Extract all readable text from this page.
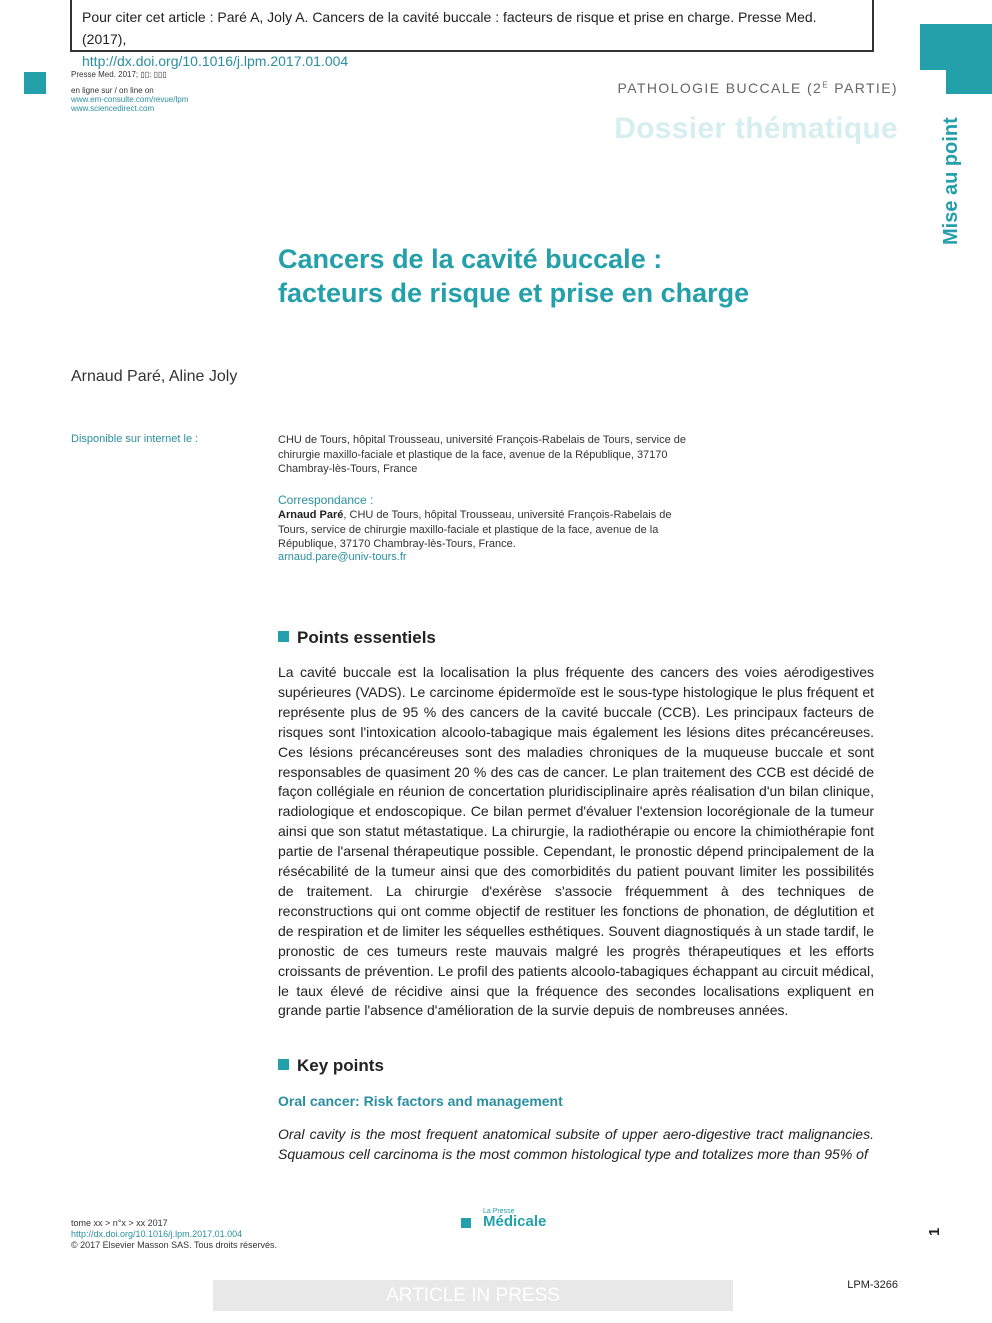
Pour citer cet article : Paré A, Joly A. Cancers de la cavité buccale : facteurs de risque et prise en charge. Presse Med. (2017),
http://dx.doi.org/10.1016/j.lpm.2017.01.004
Presse Med. 2017; ▯▯: ▯▯▯
en ligne sur / on line on
www.em-consulte.com/revue/lpm
www.sciencedirect.com
PATHOLOGIE BUCCALE ($2^E$ PARTIE)
Dossier thématique Mise au point
Cancers de la cavité buccale :
facteurs de risque et prise en charge
Arnaud Paré, Aline Joly
Disponible sur internet le :	CHU de Tours, hôpital Trousseau, université François-Rabelais de Tours, service de chirurgie maxillo-faciale et plastique de la face, avenue de la République, 37170 Chambray-lès-Tours, France
Correspondance :
Arnaud Paré, CHU de Tours, hôpital Trousseau, université François-Rabelais de Tours, service de chirurgie maxillo-faciale et plastique de la face, avenue de la République, 37170 Chambray-lès-Tours, France.
arnaud.pare@univ-tours.fr
Points essentiels
La cavité buccale est la localisation la plus fréquente des cancers des voies aérodigestives supérieures (VADS). Le carcinome épidermoïde est le sous-type histologique le plus fréquent et représente plus de 95 % des cancers de la cavité buccale (CCB). Les principaux facteurs de risques sont l'intoxication alcoolo-tabagique mais également les lésions dites précancéreuses. Ces lésions précancéreuses sont des maladies chroniques de la muqueuse buccale et sont responsables de quasiment 20 % des cas de cancer. Le plan traitement des CCB est décidé de façon collégiale en réunion de concertation pluridisciplinaire après réalisation d'un bilan clinique, radiologique et endoscopique. Ce bilan permet d'évaluer l'extension locorégionale de la tumeur ainsi que son statut métastatique. La chirurgie, la radiothérapie ou encore la chimiothérapie font partie de l'arsenal thérapeutique possible. Cependant, le pronostic dépend principalement de la résécabilité de la tumeur ainsi que des comorbidités du patient pouvant limiter les possibilités de traitement. La chirurgie d'exérèse s'associe fréquemment à des techniques de reconstructions qui ont comme objectif de restituer les fonctions de phonation, de déglutition et de respiration et de limiter les séquelles esthétiques. Souvent diagnostiqués à un stade tardif, le pronostic de ces tumeurs reste mauvais malgré les progrès thérapeutiques et les efforts croissants de prévention. Le profil des patients alcoolo-tabagiques échappant au circuit médical, le taux élevé de récidive ainsi que la fréquence des secondes localisations expliquent en grande partie l'absence d'amélioration de la survie depuis de nombreuses années.
Key points
Oral cancer: Risk factors and management
Oral cavity is the most frequent anatomical subsite of upper aero-digestive tract malignancies. Squamous cell carcinoma is the most common histological type and totalizes more than 95% of
tome xx > n°x > xx 2017
http://dx.doi.org/10.1016/j.lpm.2017.01.004
© 2017 Elsevier Masson SAS. Tous droits réservés.
La Presse
Médicale
1
ARTICLE IN PRESS	LPM-3266
